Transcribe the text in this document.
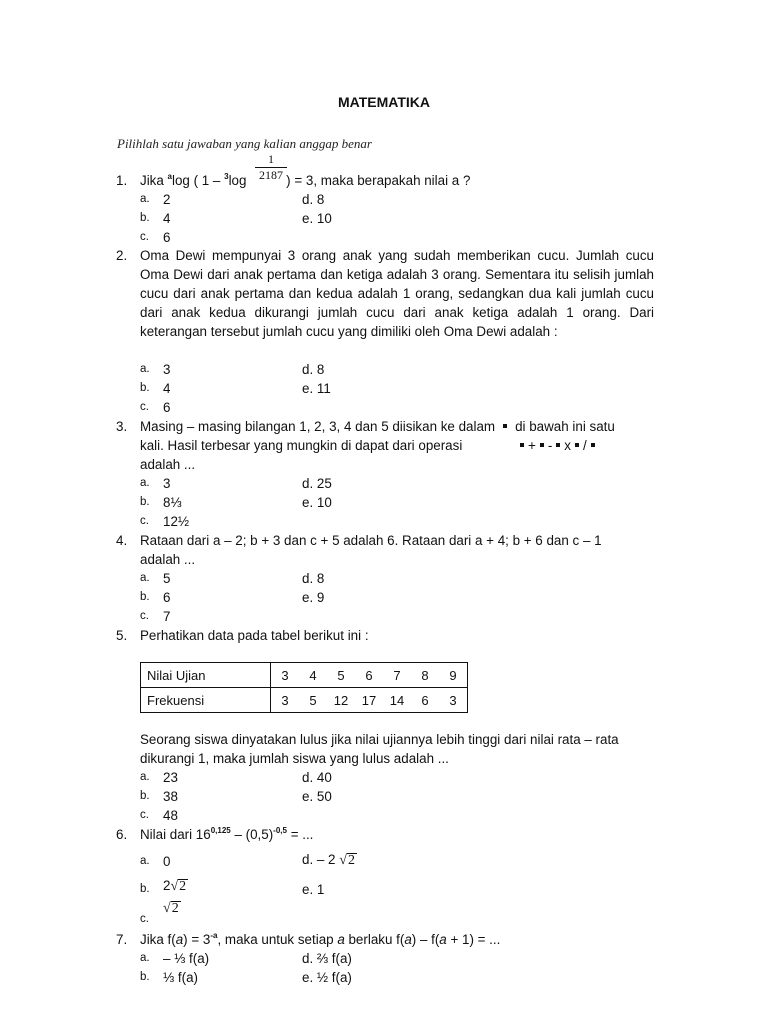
MATEMATIKA
Pilihlah satu jawaban yang kalian anggap benar
1. Jika $^a$log ( 1 – $^3$log	) = 3, maka berapakah nilai a ?
$\frac{1}{2187}$
a. 2	d. 8
b. 4	e. 10
c. 6
2. Oma Dewi mempunyai 3 orang anak yang sudah memberikan cucu. Jumlah cucu Oma Dewi dari anak pertama dan ketiga adalah 3 orang. Sementara itu selisih jumlah cucu dari anak pertama dan kedua adalah 1 orang, sedangkan dua kali jumlah cucu dari anak kedua dikurangi jumlah cucu dari anak ketiga adalah 1 orang. Dari keterangan tersebut jumlah cucu yang dimiliki oleh Oma Dewi adalah :
a. 3	d. 8
b. 4	e. 11
c. 6
3. Masing – masing bilangan 1, 2, 3, 4 dan 5 diisikan ke dalam di bawah ini satu
kali. Hasil terbesar yang mungkin di dapat dari operasi	+ - x /
adalah ...
a. 3	d. 25
b. 8⅓	e. 10
c. 12½
4. Rataan dari a – 2; b + 3 dan c + 5 adalah 6. Rataan dari a + 4; b + 6 dan c – 1
adalah ...
a. 5	d. 8
b. 6	e. 9
c. 7
5. Perhatikan data pada tabel berikut ini :
Nilai Ujian	3	4	5	6	7	8	9
Frekuensi	3	5	12	17	14	6	3
Seorang siswa dinyatakan lulus jika nilai ujiannya lebih tinggi dari nilai rata – rata
dikurangi 1, maka jumlah siswa yang lulus adalah ...
a. 23	d. 40
b. 38	e. 50
c. 48
6. Nilai dari $16^{0,125} - (0,5)^{-0,5}$ = ...
a. 0	d. – 2 √2
b. 2√2	e. 1
c.
√2
7. Jika $f(a) = 3^{-a}$, maka untuk setiap a berlaku f(a) – f(a + 1) = ...
a. – ⅓ f(a)	d. ⅔ f(a)
b. ⅓ f(a)	e. ½ f(a)
